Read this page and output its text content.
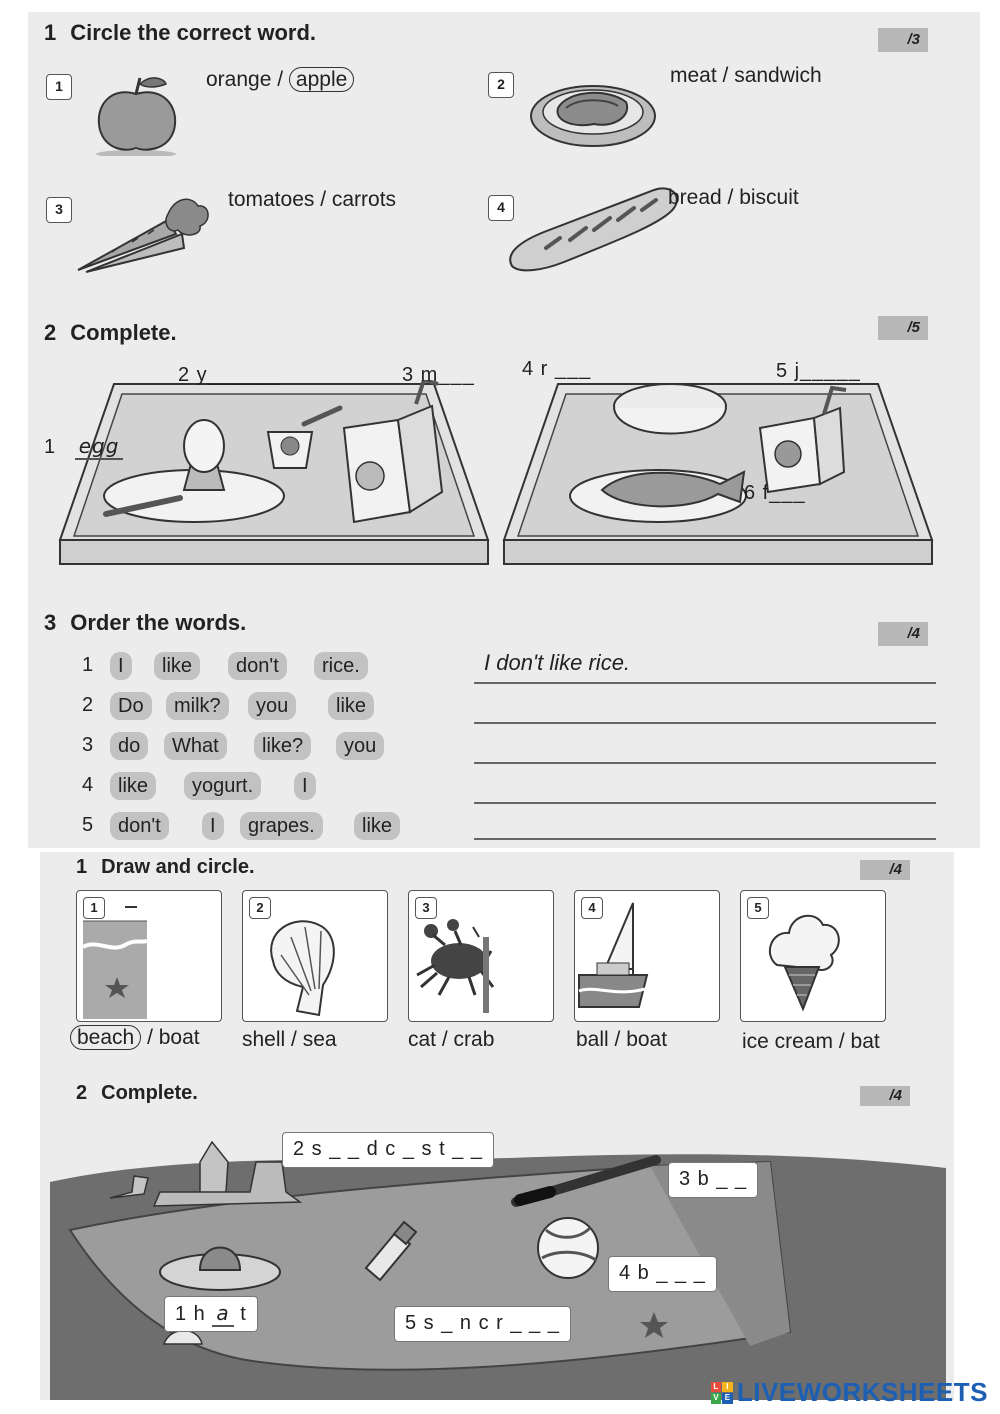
1 Circle the correct word.	/3
1	orange / apple	2	meat / sandwich
3	tomatoes / carrots	4	bread / biscuit
2 Complete.	/5
1 egg
2 y______	3 m___ 4 r ___	5 j_____
6 f___
3 Order the words.	/4
1	I	like	don't	rice.	I don't like rice.
2	Do	milk?	you	like
3	do	What	like?	you
4	like	yogurt.	I
5	don't	I	grapes.	like
1 Draw and circle.	/4
1	2	3	4	5
beach / boat shell / sea	cat / crab	ball / boat	ice cream / bat
2 Complete.	/4
2 s _ _ d c _ s t _ _
3 b _ _
4 b _ _ _
1 h a t	5 s _ n c r _ _ _
L I
V E LIVEWORKSHEETS
